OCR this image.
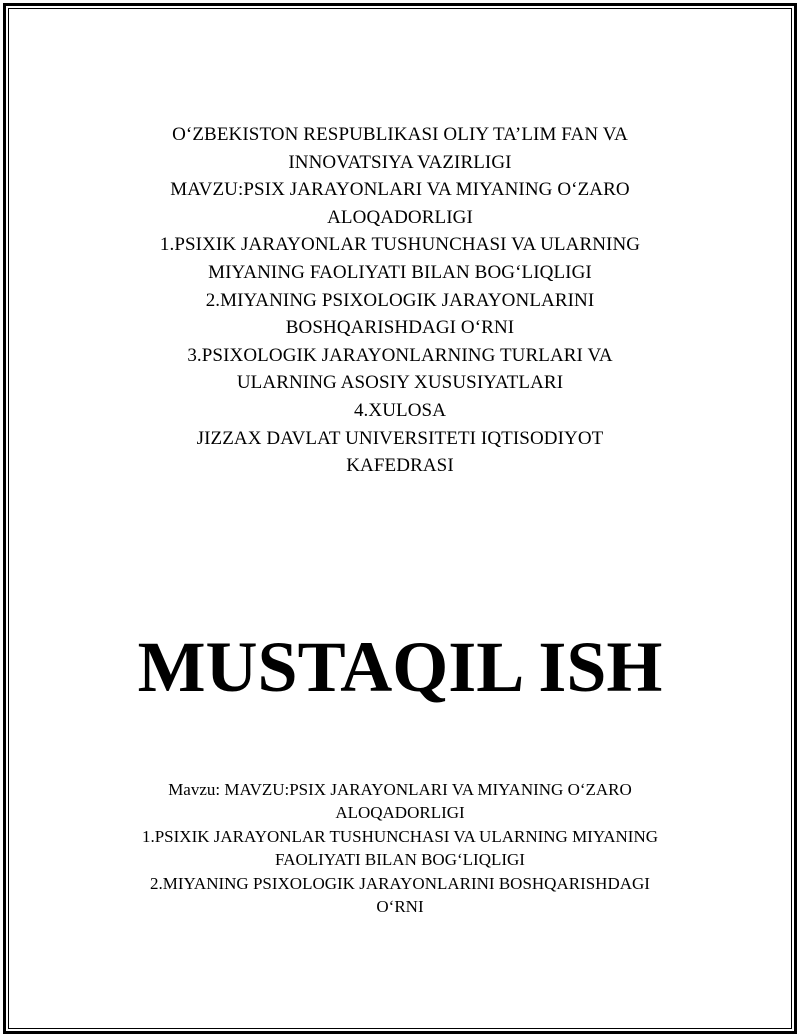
O‘ZBEKISTON RESPUBLIKASI OLIY TA’LIM FAN VA
INNOVATSIYA VAZIRLIGI
MAVZU:PSIX JARAYONLARI VA MIYANING O‘ZARO
ALOQADORLIGI
1.PSIXIK JARAYONLAR TUSHUNCHASI VA ULARNING
MIYANING FAOLIYATI BILAN BOG‘LIQLIGI
2.MIYANING PSIXOLOGIK JARAYONLARINI
BOSHQARISHDAGI O‘RNI
3.PSIXOLOGIK JARAYONLARNING TURLARI VA
ULARNING ASOSIY XUSUSIYATLARI
4.XULOSA
JIZZAX DAVLAT UNIVERSITETI IQTISODIYOT
KAFEDRASI
MUSTAQIL ISH
Mavzu: MAVZU:PSIX JARAYONLARI VA MIYANING O‘ZARO
ALOQADORLIGI
1.PSIXIK JARAYONLAR TUSHUNCHASI VA ULARNING MIYANING
FAOLIYATI BILAN BOG‘LIQLIGI
2.MIYANING PSIXOLOGIK JARAYONLARINI BOSHQARISHDAGI
O‘RNI
